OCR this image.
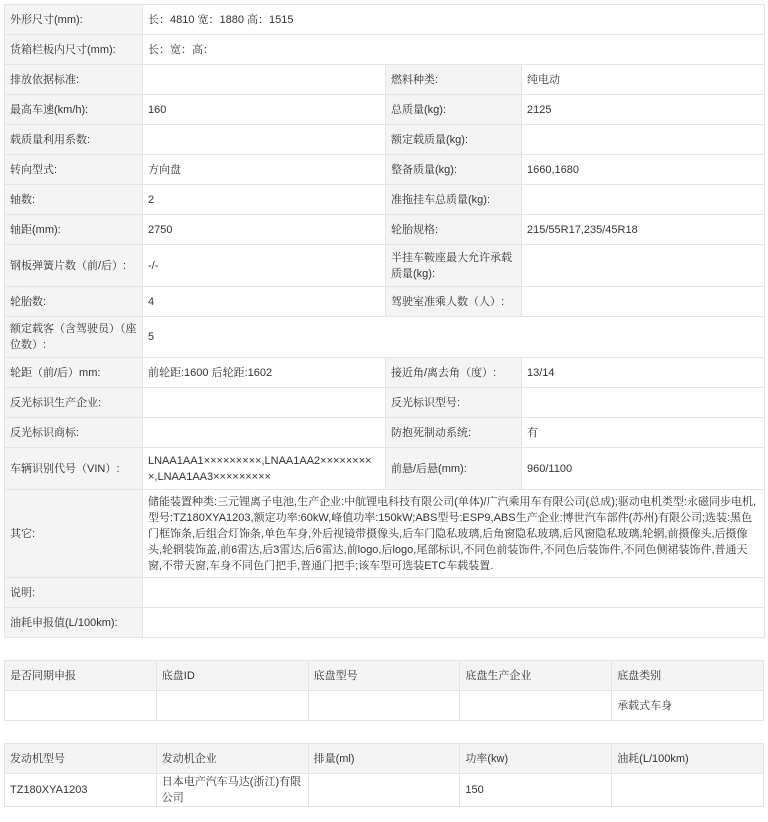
外形尺寸(mm):	长：4810 宽：1880 高：1515		
货箱栏板内尺寸(mm):	长：宽：高：		
排放依据标准:		燃料种类:	纯电动
最高车速(km/h):	160	总质量(kg):	2125
载质量利用系数:		额定载质量(kg):	
转向型式:	方向盘	整备质量(kg):	1660,1680
轴数:	2	准拖挂车总质量(kg):	
轴距(mm):	2750	轮胎规格:	215/55R17,235/45R18
钢板弹簧片数（前/后）:	-/-	半挂车鞍座最大允许承载质量(kg):	
轮胎数:	4	驾驶室准乘人数（人）:	
额定载客（含驾驶员）（座位数）:	5		
轮距（前/后）mm:	前轮距:1600 后轮距:1602	接近角/离去角（度）:	13/14
反光标识生产企业:		反光标识型号:	
反光标识商标:		防抱死制动系统:	有
车辆识别代号（VIN）:	LNAA1AA1×××××××××,LNAA1AA2×××××××××,LNAA1AA3×××××××××	前悬/后悬(mm):	960/1100
其它:	储能装置种类:三元锂离子电池,生产企业:中航锂电科技有限公司(单体)/广汽乘用车有限公司(总成);驱动电机类型:永磁同步电机,型号:TZ180XYA1203,额定功率:60kW,峰值功率:150kW;ABS型号:ESP9,ABS生产企业:博世汽车部件(苏州)有限公司;选装:黑色门框饰条,后组合灯饰条,单色车身,外后视镜带摄像头,后车门隐私玻璃,后角窗隐私玻璃,后风窗隐私玻璃,轮辋,前摄像头,后摄像头,轮辋装饰盖,前6雷达,后3雷达,后6雷达,前logo,后logo,尾部标识,不同色前装饰件,不同色后装饰件,不同色侧裙装饰件,普通天窗,不带天窗,车身不同色门把手,普通门把手;该车型可选装ETC车载装置.		
说明:			
油耗申报值(L/100km):			
是否同期申报	底盘ID	底盘型号	底盘生产企业	底盘类别
				承载式车身
发动机型号	发动机企业	排量(ml)	功率(kw)	油耗(L/100km)
TZ180XYA1203	日本电产汽车马达(浙江)有限公司		150	
